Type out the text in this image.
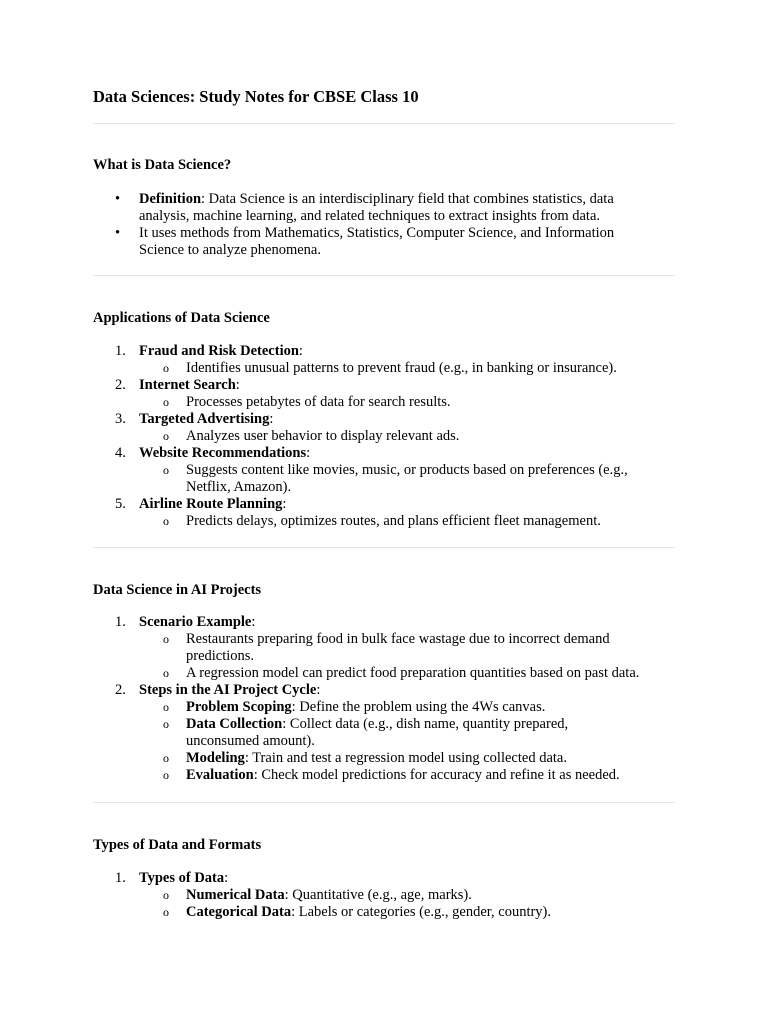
Data Sciences: Study Notes for CBSE Class 10
What is Data Science?
• Definition: Data Science is an interdisciplinary field that combines statistics, data
analysis, machine learning, and related techniques to extract insights from data.
• It uses methods from Mathematics, Statistics, Computer Science, and Information
Science to analyze phenomena.
Applications of Data Science
1. Fraud and Risk Detection:
o Identifies unusual patterns to prevent fraud (e.g., in banking or insurance).
2. Internet Search:
o Processes petabytes of data for search results.
3. Targeted Advertising:
o Analyzes user behavior to display relevant ads.
4. Website Recommendations:
o Suggests content like movies, music, or products based on preferences (e.g.,
Netflix, Amazon).
5. Airline Route Planning:
o Predicts delays, optimizes routes, and plans efficient fleet management.
Data Science in AI Projects
1. Scenario Example:
o Restaurants preparing food in bulk face wastage due to incorrect demand
predictions.
o A regression model can predict food preparation quantities based on past data.
2. Steps in the AI Project Cycle:
o Problem Scoping: Define the problem using the 4Ws canvas.
o Data Collection: Collect data (e.g., dish name, quantity prepared,
unconsumed amount).
o Modeling: Train and test a regression model using collected data.
o Evaluation: Check model predictions for accuracy and refine it as needed.
Types of Data and Formats
1. Types of Data:
o Numerical Data: Quantitative (e.g., age, marks).
o Categorical Data: Labels or categories (e.g., gender, country).
